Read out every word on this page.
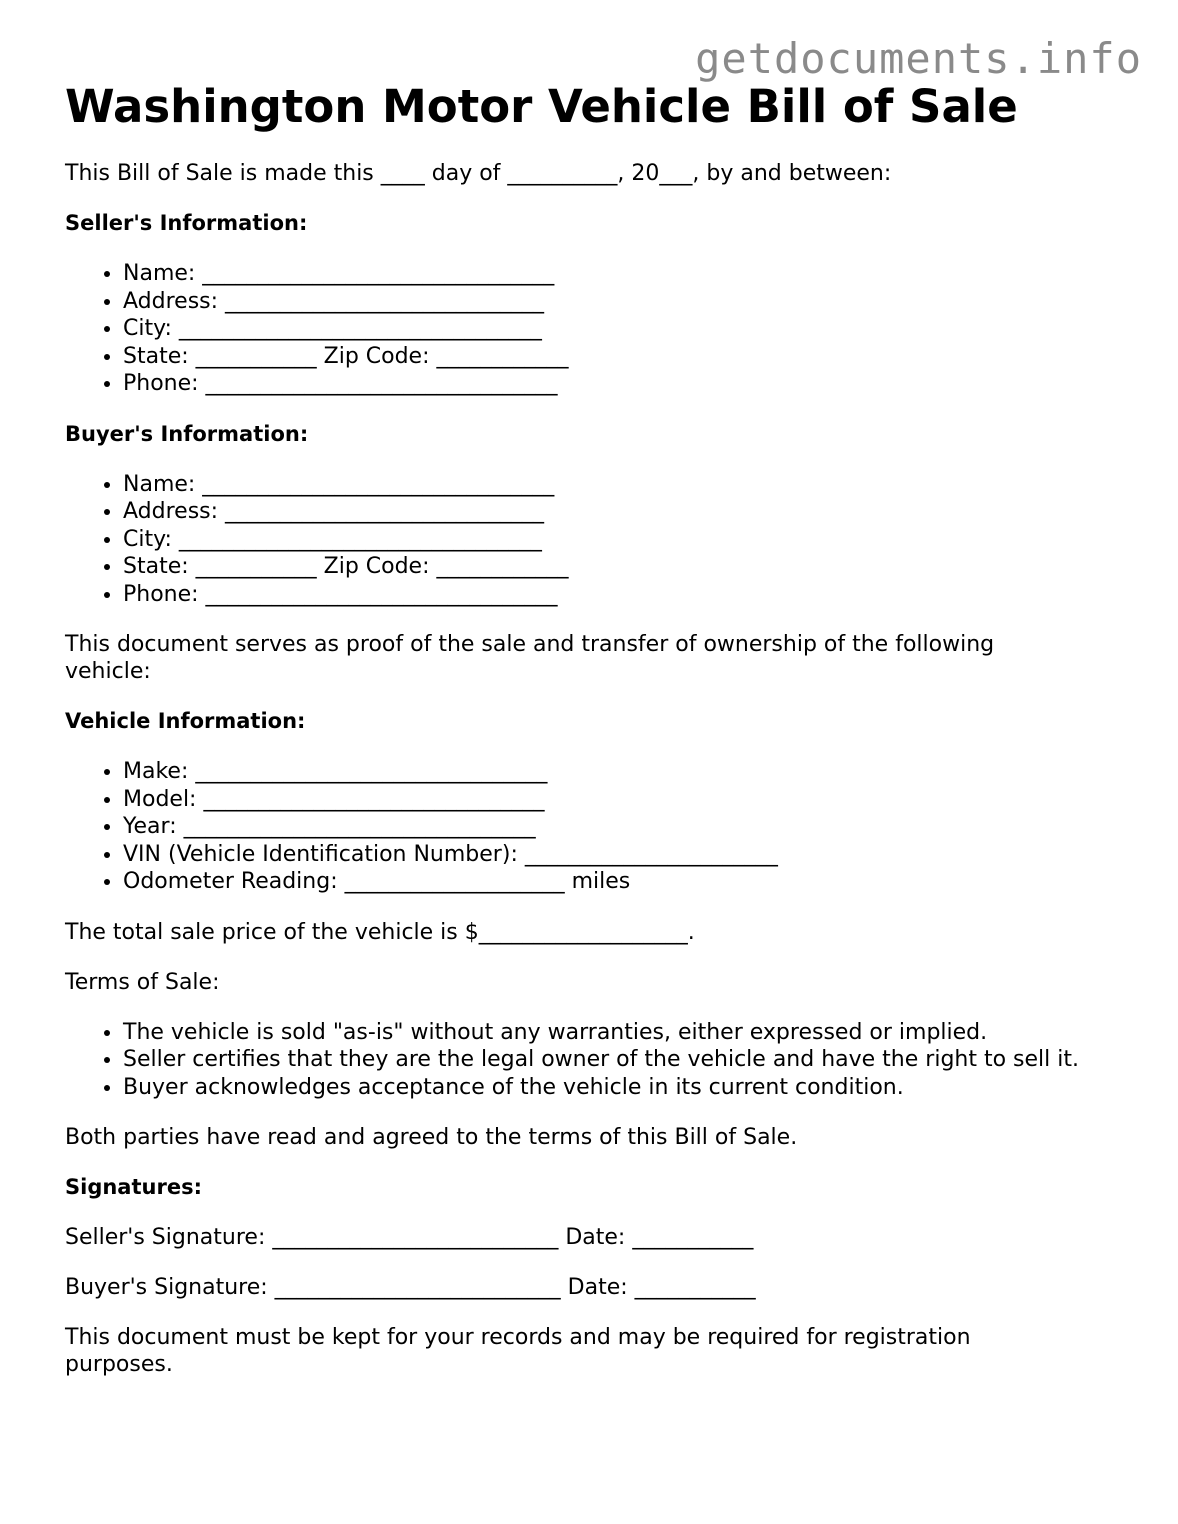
getdocuments.info
Washington Motor Vehicle Bill of Sale

This Bill of Sale is made this ____ day of __________, 20___, by and between:

Seller's Information:
• Name: ________________________________
• Address: _____________________________
• City: _________________________________
• State: ___________ Zip Code: ____________
• Phone: ________________________________
Buyer's Information:
• Name: ________________________________
• Address: _____________________________
• City: _________________________________
• State: ___________ Zip Code: ____________
• Phone: ________________________________

This document serves as proof of the sale and transfer of ownership of the following vehicle:

Vehicle Information:
• Make: ________________________________
• Model: _______________________________
• Year: ________________________________
• VIN (Vehicle Identification Number): _______________________
• Odometer Reading: ____________________ miles

The total sale price of the vehicle is $___________________.

Terms of Sale:

• The vehicle is sold "as-is" without any warranties, either expressed or implied.
• Seller certifies that they are the legal owner of the vehicle and have the right to sell it.
• Buyer acknowledges acceptance of the vehicle in its current condition.

Both parties have read and agreed to the terms of this Bill of Sale.

Signatures:

Seller's Signature: __________________________ Date: ___________

Buyer's Signature: __________________________ Date: ___________

This document must be kept for your records and may be required for registration purposes.
